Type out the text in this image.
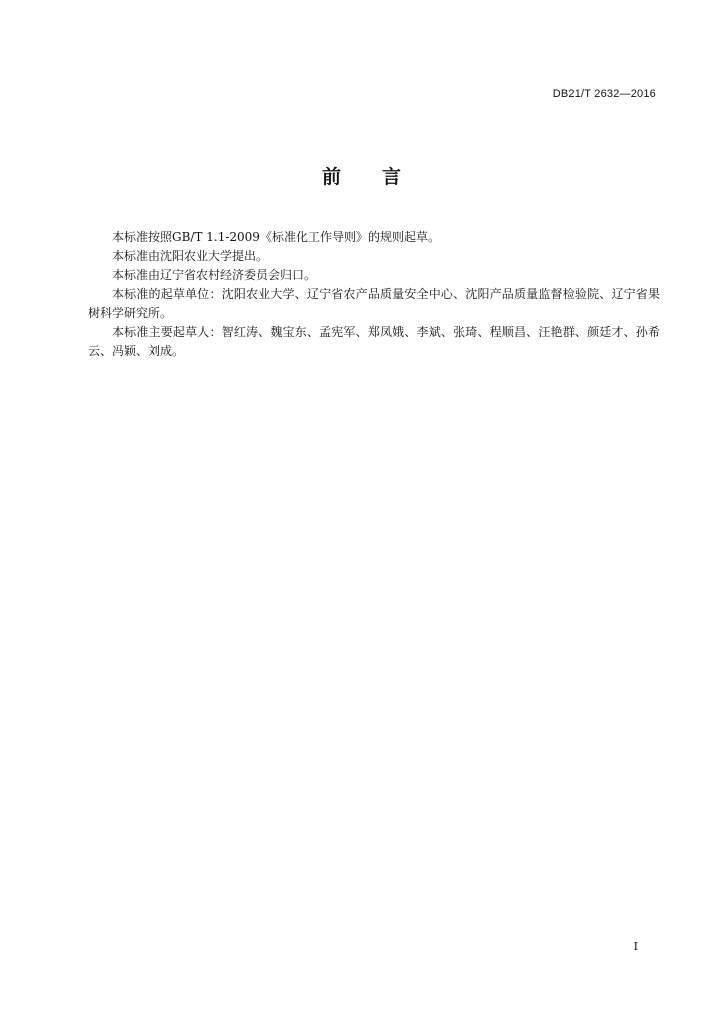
DB21/T 2632—2016
前　　言

本标准按照GB/T 1.1-2009《标准化工作导则》的规则起草。

本标准由沈阳农业大学提出。

本标准由辽宁省农村经济委员会归口。

本标准的起草单位：沈阳农业大学、辽宁省农产品质量安全中心、沈阳产品质量监督检验院、辽宁省果树科学研究所。

本标准主要起草人：智红涛、魏宝东、孟宪军、郑凤娥、李斌、张琦、程顺昌、汪艳群、颜廷才、孙希云、冯颖、刘成。

I
